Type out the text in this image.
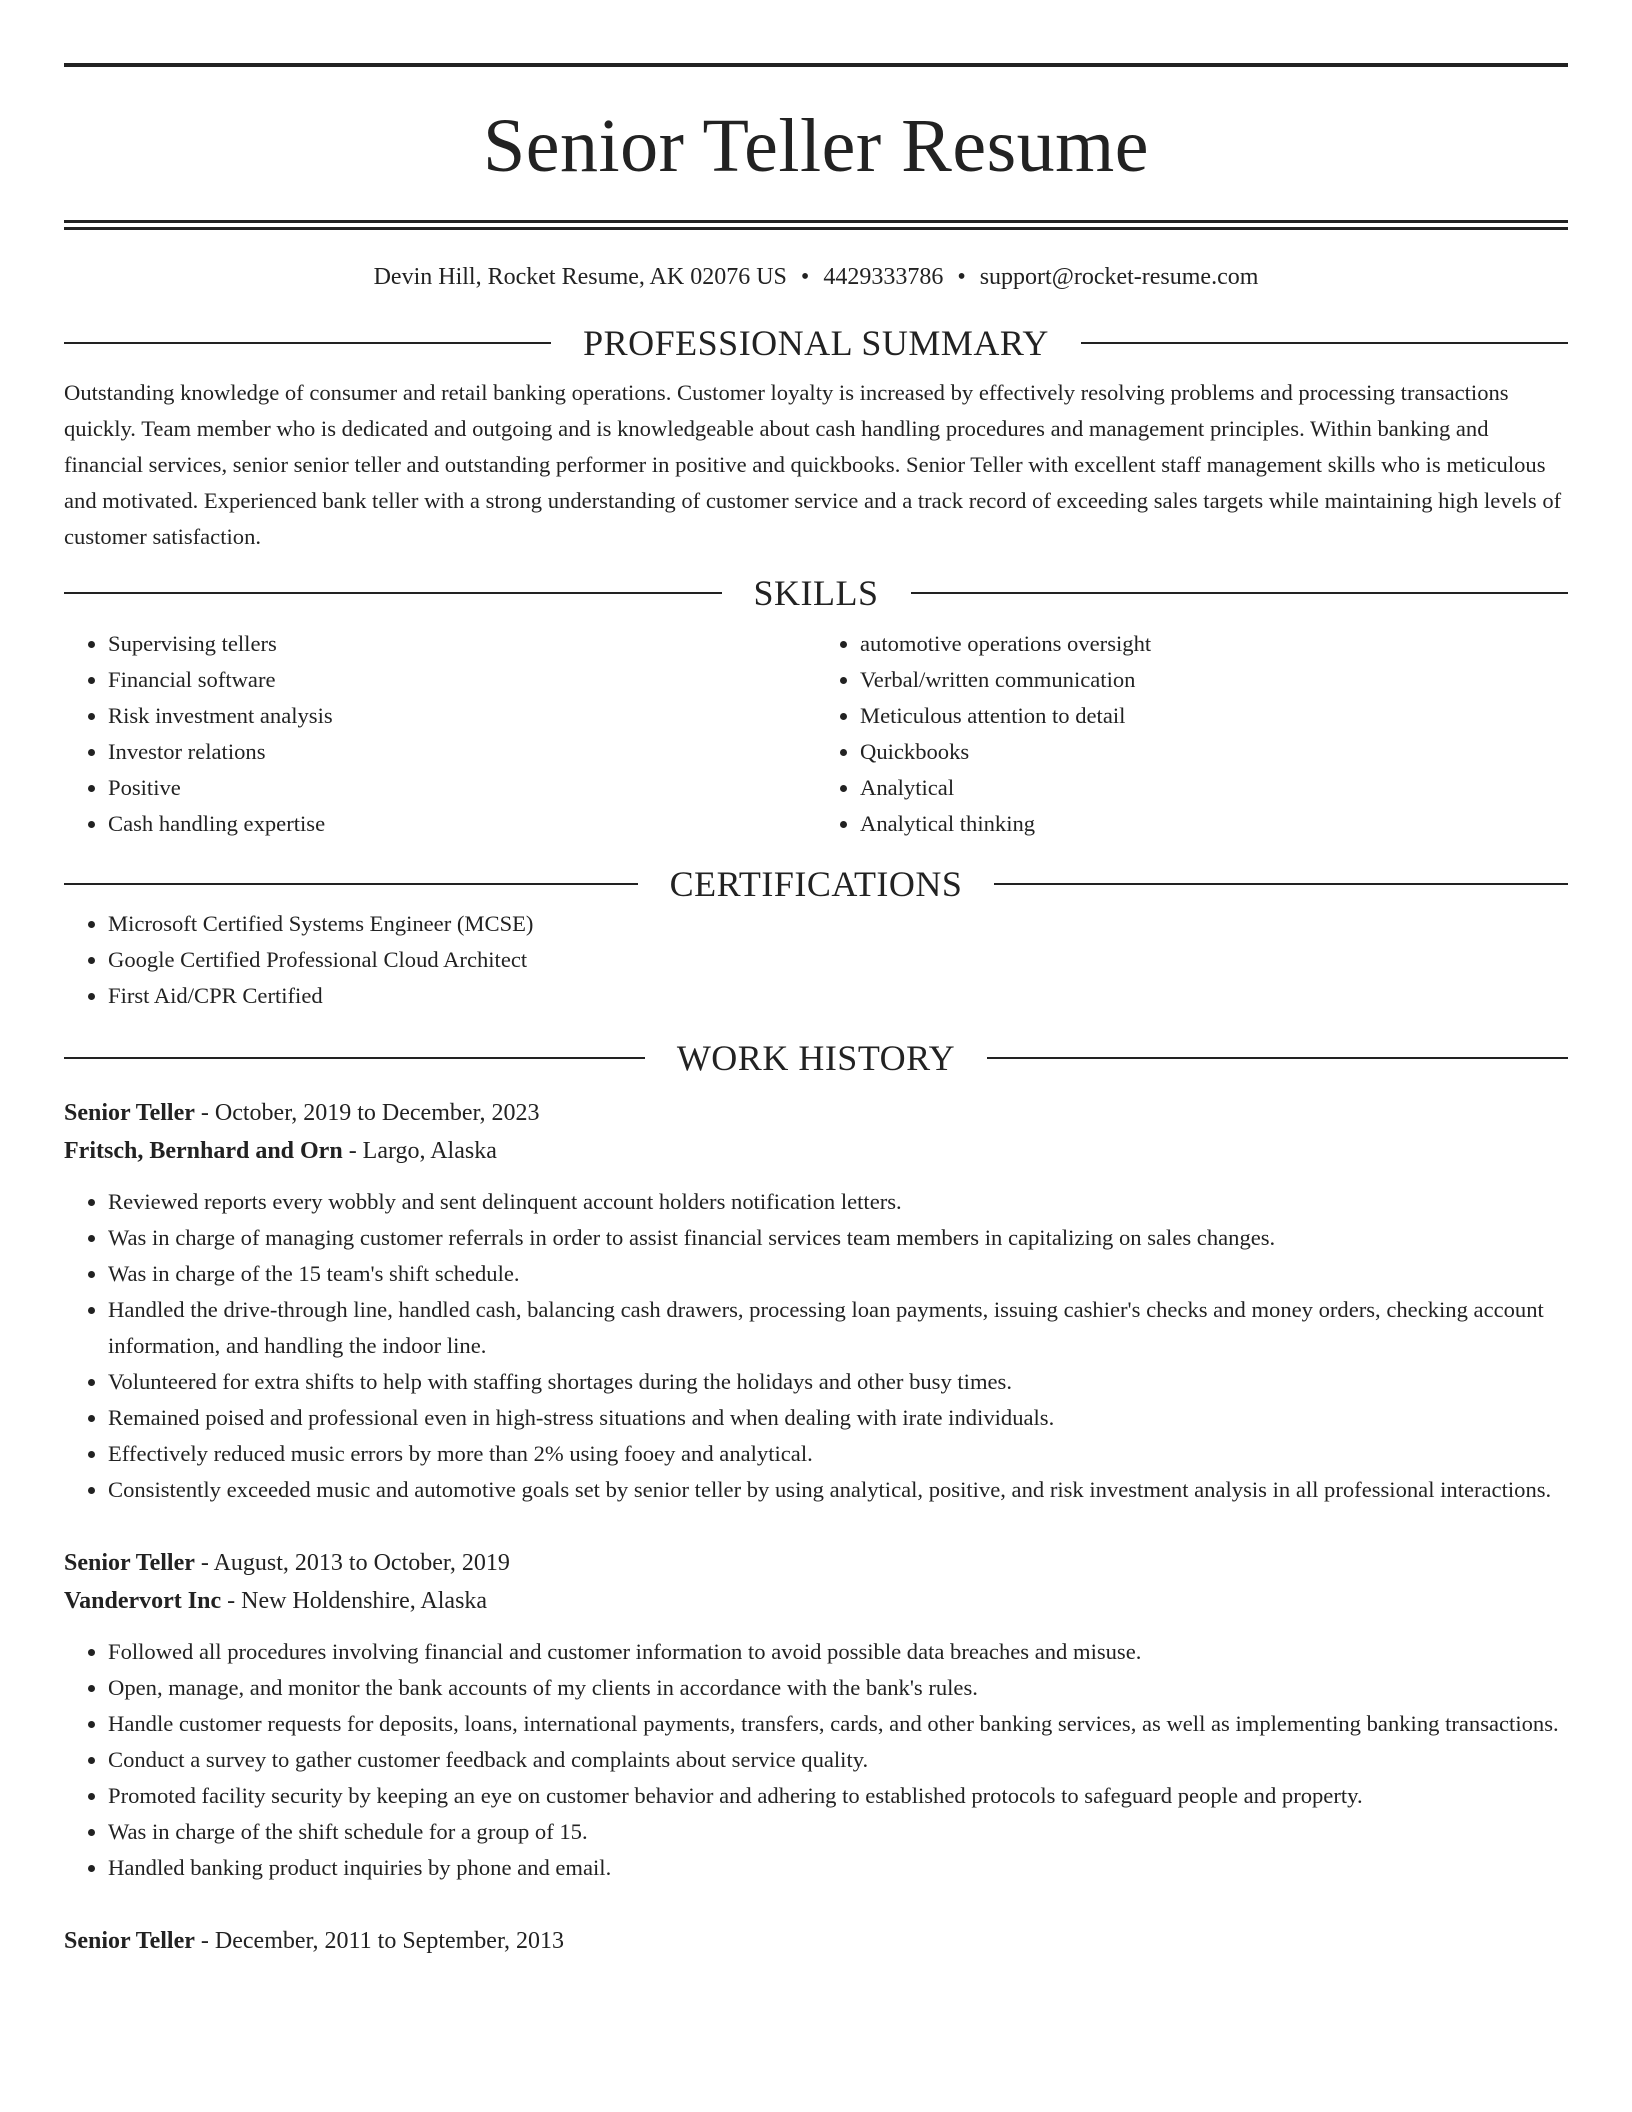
Senior Teller Resume
Devin Hill, Rocket Resume, AK 02076 US • 4429333786 • support@rocket-resume.com
PROFESSIONAL SUMMARY

Outstanding knowledge of consumer and retail banking operations. Customer loyalty is increased by effectively resolving problems and processing transactions quickly. Team member who is dedicated and outgoing and is knowledgeable about cash handling procedures and management principles. Within banking and financial services, senior senior teller and outstanding performer in positive and quickbooks. Senior Teller with excellent staff management skills who is meticulous and motivated. Experienced bank teller with a strong understanding of customer service and a track record of exceeding sales targets while maintaining high levels of customer satisfaction.

SKILLS
• Supervising tellers
• Financial software
• Risk investment analysis
• Investor relations
• Positive
• Cash handling expertise
• automotive operations oversight
• Verbal/written communication
• Meticulous attention to detail
• Quickbooks
• Analytical
• Analytical thinking
CERTIFICATIONS
• Microsoft Certified Systems Engineer (MCSE)
• Google Certified Professional Cloud Architect
• First Aid/CPR Certified
WORK HISTORY
Senior Teller - October, 2019 to December, 2023
Fritsch, Bernhard and Orn - Largo, Alaska
• Reviewed reports every wobbly and sent delinquent account holders notification letters.
• Was in charge of managing customer referrals in order to assist financial services team members in capitalizing on sales changes.
• Was in charge of the 15 team's shift schedule.
• Handled the drive-through line, handled cash, balancing cash drawers, processing loan payments, issuing cashier's checks and money orders, checking account information, and handling the indoor line.
• Volunteered for extra shifts to help with staffing shortages during the holidays and other busy times.
• Remained poised and professional even in high-stress situations and when dealing with irate individuals.
• Effectively reduced music errors by more than 2% using fooey and analytical.
• Consistently exceeded music and automotive goals set by senior teller by using analytical, positive, and risk investment analysis in all professional interactions.
Senior Teller - August, 2013 to October, 2019
Vandervort Inc - New Holdenshire, Alaska
• Followed all procedures involving financial and customer information to avoid possible data breaches and misuse.
• Open, manage, and monitor the bank accounts of my clients in accordance with the bank's rules.
• Handle customer requests for deposits, loans, international payments, transfers, cards, and other banking services, as well as implementing banking transactions.
• Conduct a survey to gather customer feedback and complaints about service quality.
• Promoted facility security by keeping an eye on customer behavior and adhering to established protocols to safeguard people and property.
• Was in charge of the shift schedule for a group of 15.
• Handled banking product inquiries by phone and email.
Senior Teller - December, 2011 to September, 2013
